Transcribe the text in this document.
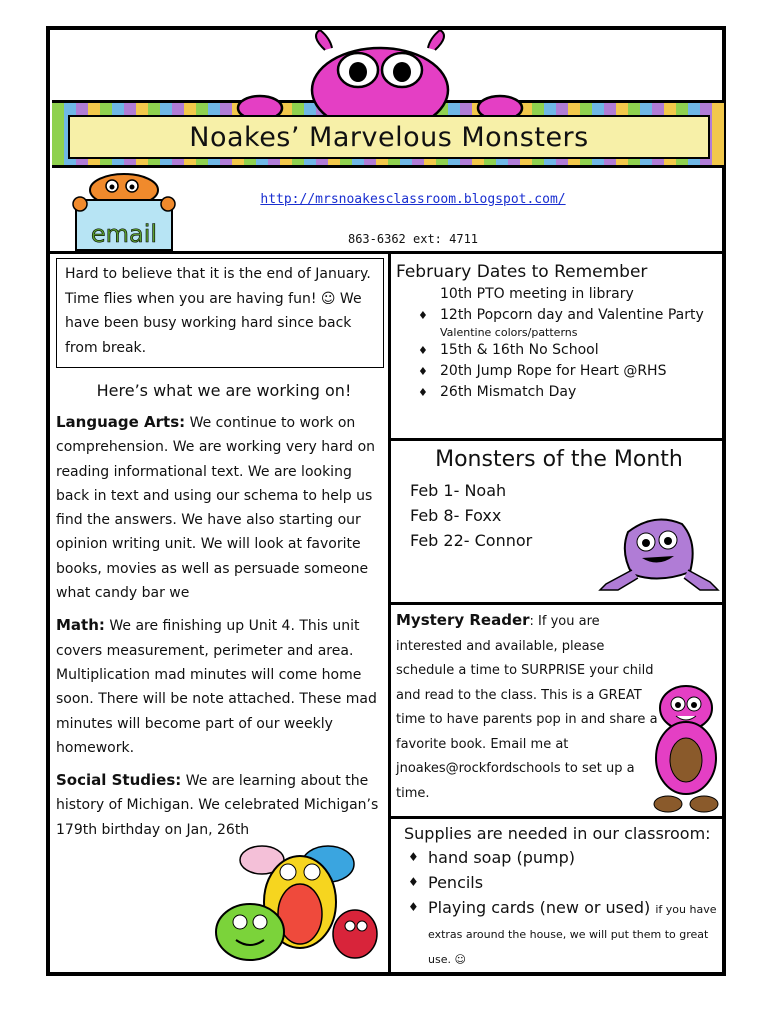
Noakes’ Marvelous Monsters
email
http://mrsnoakesclassroom.blogspot.com/
863-6362 ext: 4711
Hard to believe that it is the end of January. Time flies when you are having fun! ☺ We have been busy working hard since back from break.
Here’s what we are working on!

Language Arts: We continue to work on comprehension. We are working very hard on reading informational text. We are looking back in text and using our schema to help us find the answers. We have also starting our opinion writing unit. We will look at favorite books, movies as well as persuade someone what candy bar we

Math: We are finishing up Unit 4. This unit covers measurement, perimeter and area. Multiplication mad minutes will come home soon. There will be note attached. These mad minutes will become part of our weekly homework.

Social Studies: We are learning about the history of Michigan. We celebrated Michigan’s 179th birthday on Jan, 26th

February Dates to Remember
10th PTO meeting in library
♦ 12th Popcorn day and Valentine Party
Valentine colors/patterns
♦ 15th & 16th No School
♦ 20th Jump Rope for Heart @RHS
♦ 26th Mismatch Day
Monsters of the Month
Feb 1- Noah
Feb 8- Foxx
Feb 22- Connor
Mystery Reader: If you are interested and available, please schedule a time to SURPRISE your child and read to the class. This is a GREAT time to have parents pop in and share a favorite book. Email me at jnoakes@rockfordschools to set up a time.
Supplies are needed in our classroom:
♦ hand soap (pump)
♦ Pencils
♦ Playing cards (new or used) if you have extras around the house, we will put them to great use. ☺
